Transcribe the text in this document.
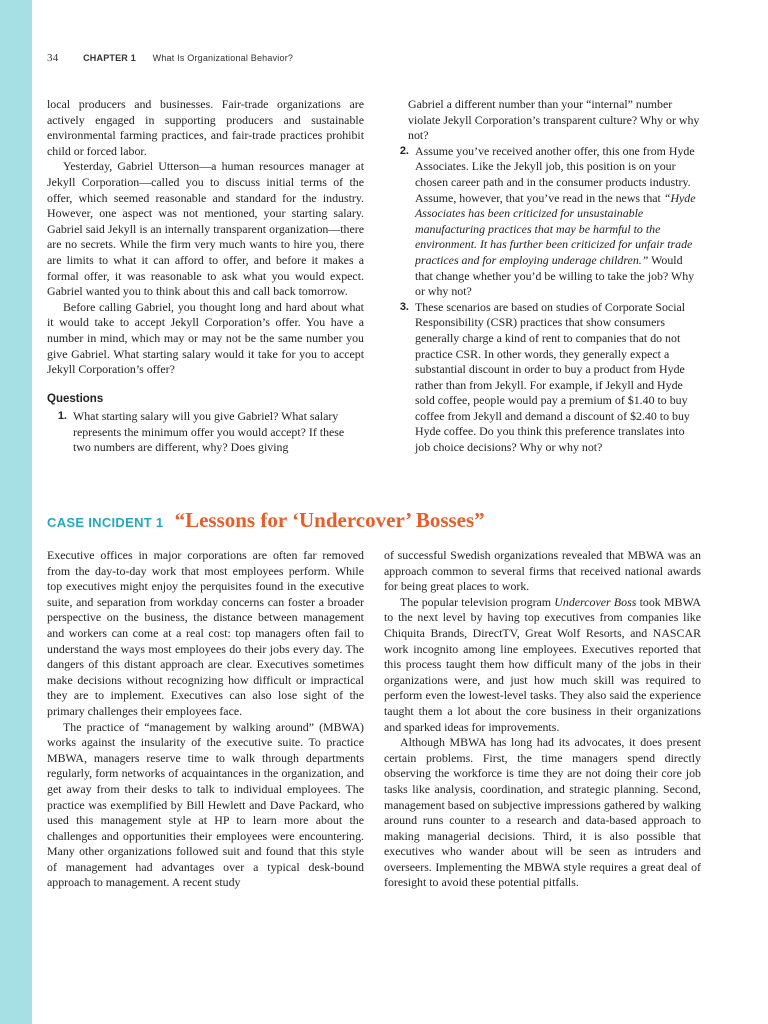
34	CHAPTER 1 What Is Organizational Behavior?

local producers and businesses. Fair-trade organizations are actively engaged in supporting producers and sustainable environmental farming practices, and fair-trade practices prohibit child or forced labor.

Yesterday, Gabriel Utterson—a human resources manager at Jekyll Corporation—called you to discuss initial terms of the offer, which seemed reasonable and standard for the industry. However, one aspect was not mentioned, your starting salary. Gabriel said Jekyll is an internally transparent organization—there are no secrets. While the firm very much wants to hire you, there are limits to what it can afford to offer, and before it makes a formal offer, it was reasonable to ask what you would expect. Gabriel wanted you to think about this and call back tomorrow.

Before calling Gabriel, you thought long and hard about what it would take to accept Jekyll Corporation’s offer. You have a number in mind, which may or may not be the same number you give Gabriel. What starting salary would it take for you to accept Jekyll Corporation’s offer?

Questions
1. What starting salary will you give Gabriel? What salary represents the minimum offer you would accept? If these two numbers are different, why? Does giving
Gabriel a different number than your “internal” number violate Jekyll Corporation’s transparent culture? Why or why not?
2. Assume you’ve received another offer, this one from Hyde Associates. Like the Jekyll job, this position is on your chosen career path and in the consumer products industry. Assume, however, that you’ve read in the news that “Hyde Associates has been criticized for unsustainable manufacturing practices that may be harmful to the environment. It has further been criticized for unfair trade practices and for employing underage children.” Would that change whether you’d be willing to take the job? Why or why not?
3. These scenarios are based on studies of Corporate Social Responsibility (CSR) practices that show consumers generally charge a kind of rent to companies that do not practice CSR. In other words, they generally expect a substantial discount in order to buy a product from Hyde rather than from Jekyll. For example, if Jekyll and Hyde sold coffee, people would pay a premium of $1.40 to buy coffee from Jekyll and demand a discount of $2.40 to buy Hyde coffee. Do you think this preference translates into job choice decisions? Why or why not?
CASE INCIDENT 1 “Lessons for ‘Undercover’ Bosses”

Executive offices in major corporations are often far removed from the day-to-day work that most employees perform. While top executives might enjoy the perquisites found in the executive suite, and separation from workday concerns can foster a broader perspective on the business, the distance between management and workers can come at a real cost: top managers often fail to understand the ways most employees do their jobs every day. The dangers of this distant approach are clear. Executives sometimes make decisions without recognizing how difficult or impractical they are to implement. Executives can also lose sight of the primary challenges their employees face.

The practice of “management by walking around” (MBWA) works against the insularity of the executive suite. To practice MBWA, managers reserve time to walk through departments regularly, form networks of acquaintances in the organization, and get away from their desks to talk to individual employees. The practice was exemplified by Bill Hewlett and Dave Packard, who used this management style at HP to learn more about the challenges and opportunities their employees were encountering. Many other organizations followed suit and found that this style of management had advantages over a typical desk-bound approach to management. A recent study

of successful Swedish organizations revealed that MBWA was an approach common to several firms that received national awards for being great places to work.

The popular television program Undercover Boss took MBWA to the next level by having top executives from companies like Chiquita Brands, DirectTV, Great Wolf Resorts, and NASCAR work incognito among line employees. Executives reported that this process taught them how difficult many of the jobs in their organizations were, and just how much skill was required to perform even the lowest-level tasks. They also said the experience taught them a lot about the core business in their organizations and sparked ideas for improvements.

Although MBWA has long had its advocates, it does present certain problems. First, the time managers spend directly observing the workforce is time they are not doing their core job tasks like analysis, coordination, and strategic planning. Second, management based on subjective impressions gathered by walking around runs counter to a research and data-based approach to making managerial decisions. Third, it is also possible that executives who wander about will be seen as intruders and overseers. Implementing the MBWA style requires a great deal of foresight to avoid these potential pitfalls.
